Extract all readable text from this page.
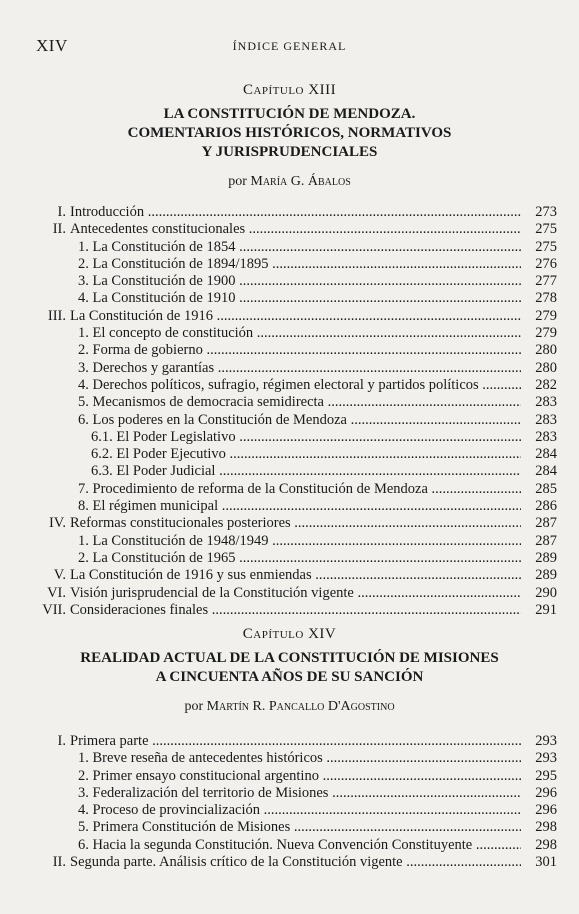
XIV	ÍNDICE GENERAL
Capítulo XIII
LA CONSTITUCIÓN DE MENDOZA.
COMENTARIOS HISTÓRICOS, NORMATIVOS
Y JURISPRUDENCIALES
por María G. Ábalos
I. Introducción .....	273
II. Antecedentes constitucionales .....	275
1. La Constitución de 1854 .....	275
2. La Constitución de 1894/1895 .....	276
3. La Constitución de 1900 .....	277
4. La Constitución de 1910 .....	278
III. La Constitución de 1916 .....	279
1. El concepto de constitución .....	279
2. Forma de gobierno .....	280
3. Derechos y garantías .....	280
4. Derechos políticos, sufragio, régimen electoral y partidos políticos .....	282
5. Mecanismos de democracia semidirecta .....	283
6. Los poderes en la Constitución de Mendoza .....	283
6.1. El Poder Legislativo .....	283
6.2. El Poder Ejecutivo .....	284
6.3. El Poder Judicial .....	284
7. Procedimiento de reforma de la Constitución de Mendoza .....	285
8. El régimen municipal .....	286
IV. Reformas constitucionales posteriores .....	287
1. La Constitución de 1948/1949 .....	287
2. La Constitución de 1965 .....	289
V. La Constitución de 1916 y sus enmiendas .....	289
VI. Visión jurisprudencial de la Constitución vigente .....	290
VII. Consideraciones finales .....	291
Capítulo XIV
REALIDAD ACTUAL DE LA CONSTITUCIÓN DE MISIONES
A CINCUENTA AÑOS DE SU SANCIÓN
por Martín R. Pancallo D'Agostino
I. Primera parte .....	293
1. Breve reseña de antecedentes históricos .....	293
2. Primer ensayo constitucional argentino .....	295
3. Federalización del territorio de Misiones .....	296
4. Proceso de provincialización .....	296
5. Primera Constitución de Misiones .....	298
6. Hacia la segunda Constitución. Nueva Convención Constituyente .....	298
II. Segunda parte. Análisis crítico de la Constitución vigente .....	301
